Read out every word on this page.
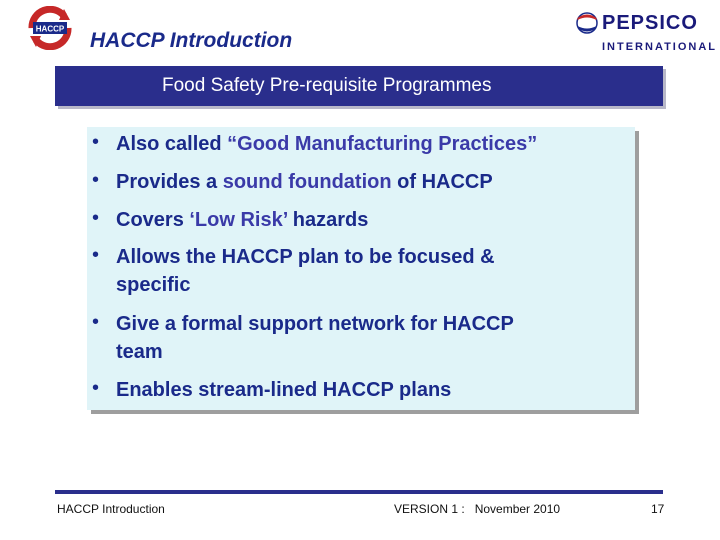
HACCP HACCP Introduction
PEPSICO
INTERNATIONAL
Food Safety Pre-requisite Programmes
• Also called “Good Manufacturing Practices”
• Provides a sound foundation of HACCP
• Covers ‘Low Risk’ hazards
• Allows the HACCP plan to be focused &
specific
• Give a formal support network for HACCP
team
• Enables stream-lined HACCP plans
HACCP Introduction	VERSION 1 :   November 2010	17
